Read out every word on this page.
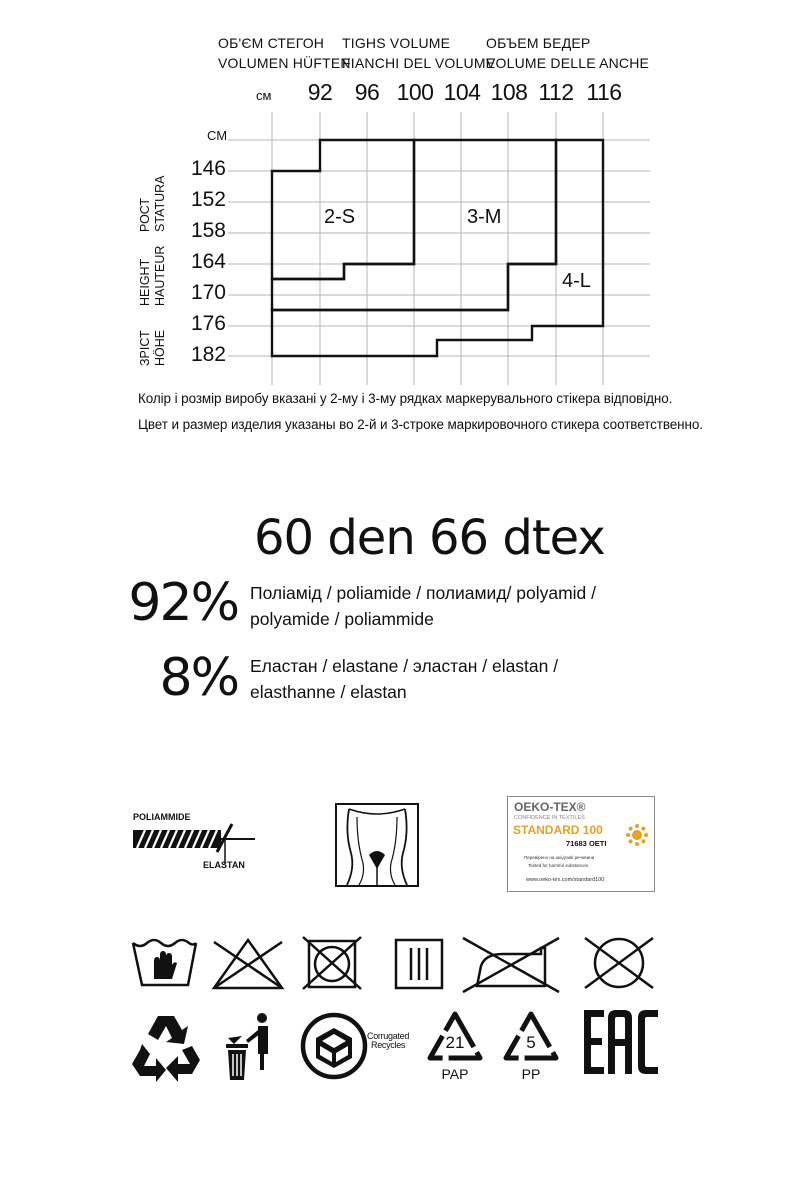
ОБ'ЄМ СТЕГОН
VOLUMEN HÜFTEN
TIGHS VOLUME
FIANCHI DEL VOLUME
ОБЪЕМ БЕДЕР
VOLUME DELLE ANCHE
см	92 96 100 104 108 112 116
СМ
146
152
158
164
170
176
182
РОСТ STATURA
HEIGHT HAUTEUR
ЗРІСТ HÖHE
2-S	3-M
4-L
Колір і розмір виробу вказані у 2-му і 3-му рядках маркерувального стікера відповідно.
Цвет и размер изделия указаны во 2-й и 3-строке маркировочного стикера соответственно.
60 den 66 dtex
92% Поліамід / poliamide / полиамид/ polyamid /
polyamide / poliammide
8% Еластан / elastane / эластан / elastan /
elasthanne / elastan
POLIAMMIDE
ELASTAN
OEKO-TEX®
CONFIDENCE IN TEXTILES
STANDARD 100
71683 OETI
Перевірено на шкідливі речовини
Tested for harmful substances
www.oeko-tex.com/standard100
Corrugated
Recycles	21
PAP
5
PP
